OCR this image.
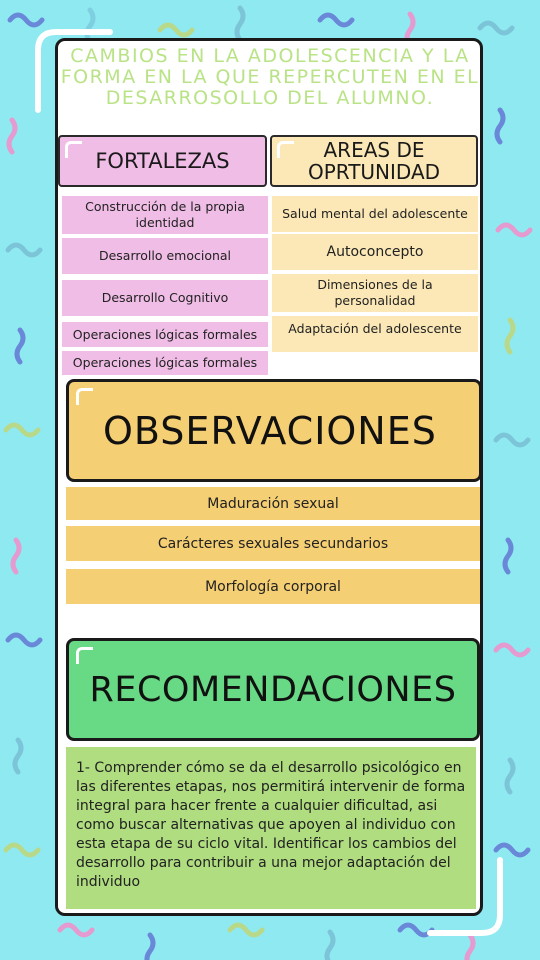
CAMBIOS EN LA ADOLESCENCIA Y LA FORMA EN LA QUE REPERCUTEN EN EL DESARROSOLLO DEL ALUMNO.
FORTALEZAS	AREAS DE OPRTUNIDAD
Construcción de la propia identidad
Desarrollo emocional
Desarrollo Cognitivo
Operaciones lógicas formales
Operaciones lógicas formales
Salud mental del adolescente
Autoconcepto
Dimensiones de la personalidad
Adaptación del adolescente
OBSERVACIONES
Maduración sexual
Carácteres sexuales secundarios
Morfología corporal
RECOMENDACIONES
1- Comprender cómo se da el desarrollo psicológico en las diferentes etapas, nos permitirá intervenir de forma integral para hacer frente a cualquier dificultad, asi como buscar alternativas que apoyen al individuo con esta etapa de su ciclo vital. Identificar los cambios del desarrollo para contribuir a una mejor adaptación del individuo
